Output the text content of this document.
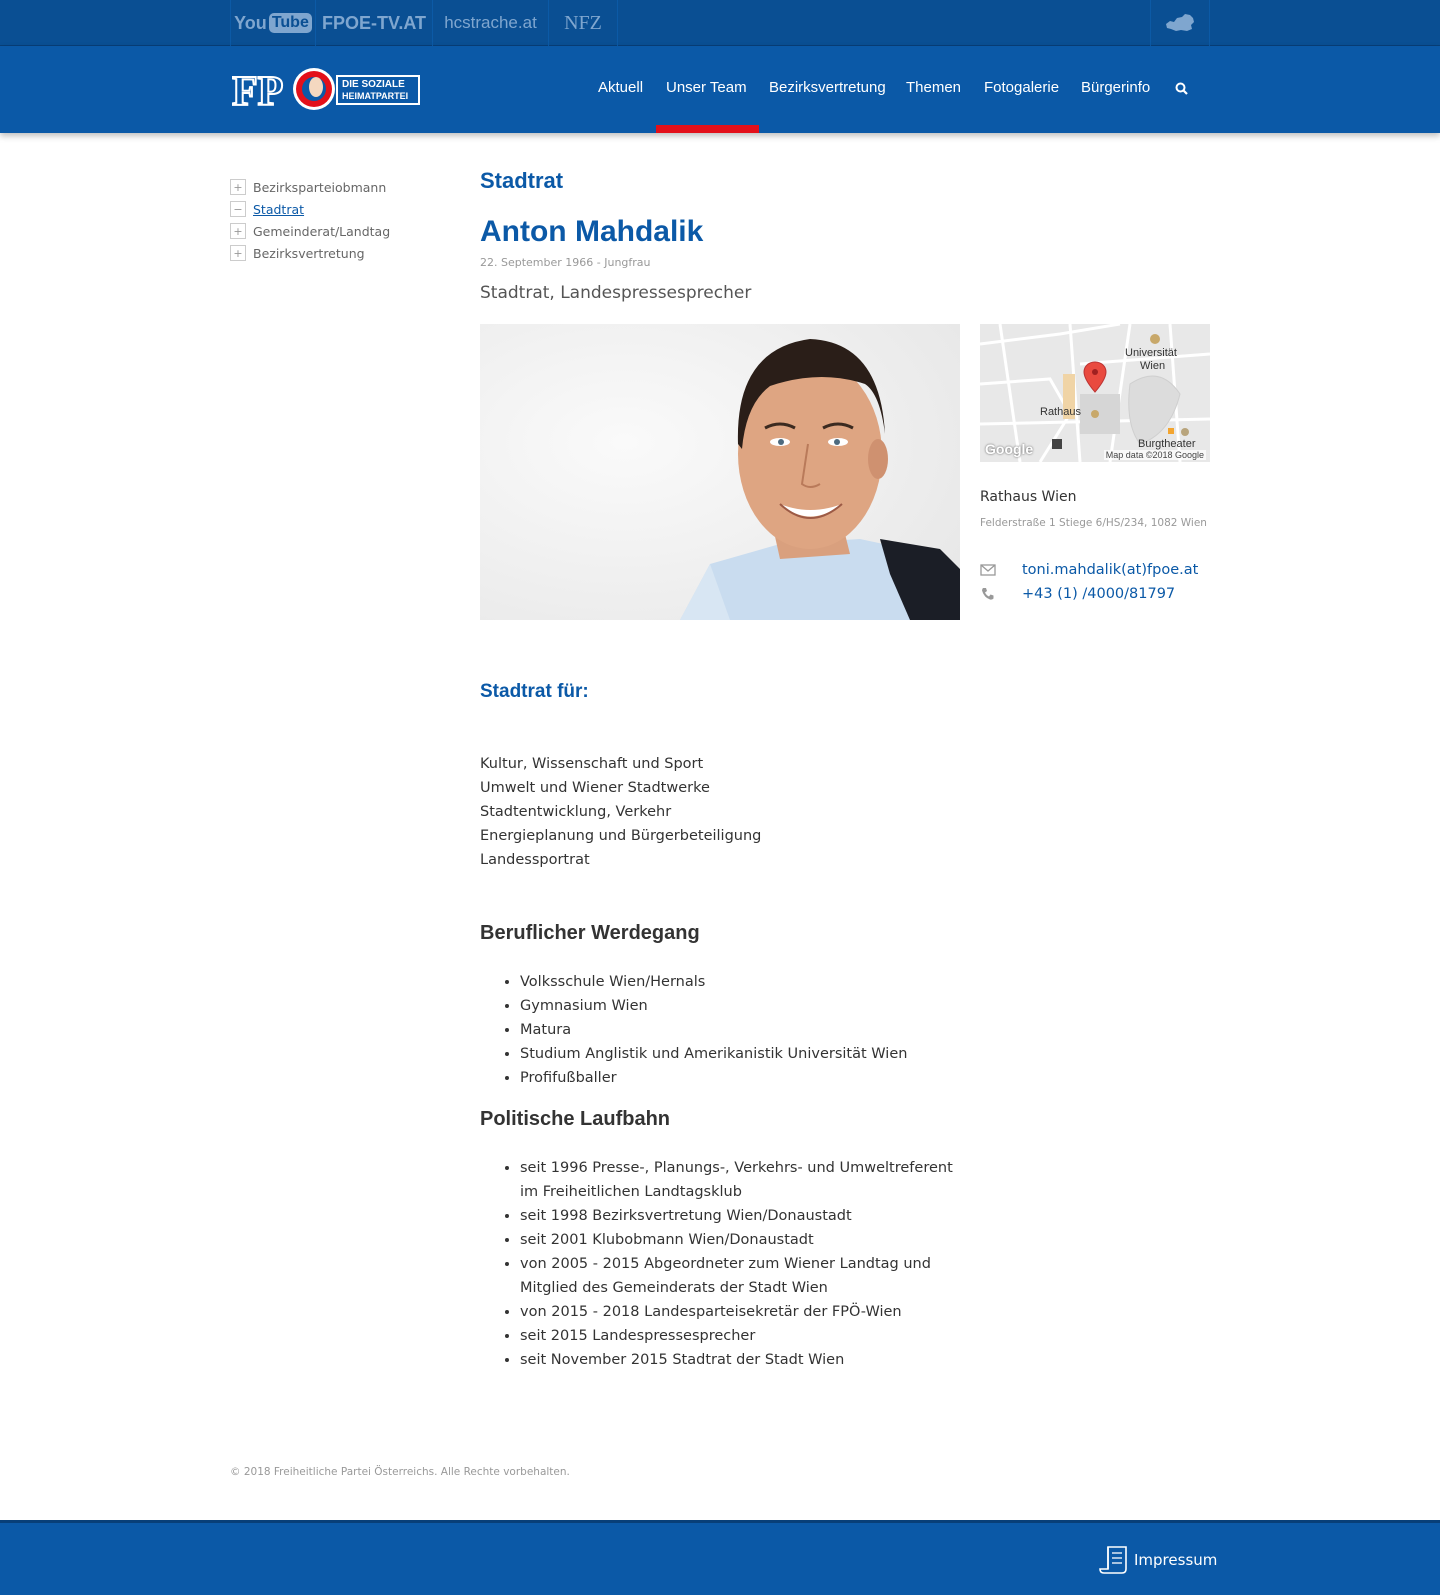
You Tube FPOE-TV.AT hcstrache.at NFZ
FP	DIE SOZIALE
HEIMATPARTEI	Aktuell Unser Team Bezirksvertretung Themen Fotogalerie Bürgerinfo
+ Bezirksparteiobmann
− Stadtrat
+ Gemeinderat/Landtag
+ Bezirksvertretung
Stadtrat
Anton Mahdalik
22. September 1966 - Jungfrau
Stadtrat, Landespressesprecher
Universität
Wien
Rathaus
Burgtheater
Google	Map data ©2018 Google
Rathaus Wien
Felderstraße 1 Stiege 6/HS/234, 1082 Wien
toni.mahdalik(at)fpoe.at
+43 (1) /4000/81797
Stadtrat für:
Kultur, Wissenschaft und Sport
Umwelt und Wiener Stadtwerke
Stadtentwicklung, Verkehr
Energieplanung und Bürgerbeteiligung
Landessportrat
Beruflicher Werdegang
• Volksschule Wien/Hernals
• Gymnasium Wien
• Matura
• Studium Anglistik und Amerikanistik Universität Wien
• Profifußballer
Politische Laufbahn
• seit 1996 Presse-, Planungs-, Verkehrs- und Umweltreferent im Freiheitlichen Landtagsklub
• seit 1998 Bezirksvertretung Wien/Donaustadt
• seit 2001 Klubobmann Wien/Donaustadt
• von 2005 - 2015 Abgeordneter zum Wiener Landtag und Mitglied des Gemeinderats der Stadt Wien
• von 2015 - 2018 Landesparteisekretär der FPÖ-Wien
• seit 2015 Landespressesprecher
• seit November 2015 Stadtrat der Stadt Wien
© 2018 Freiheitliche Partei Österreichs. Alle Rechte vorbehalten.
Impressum
